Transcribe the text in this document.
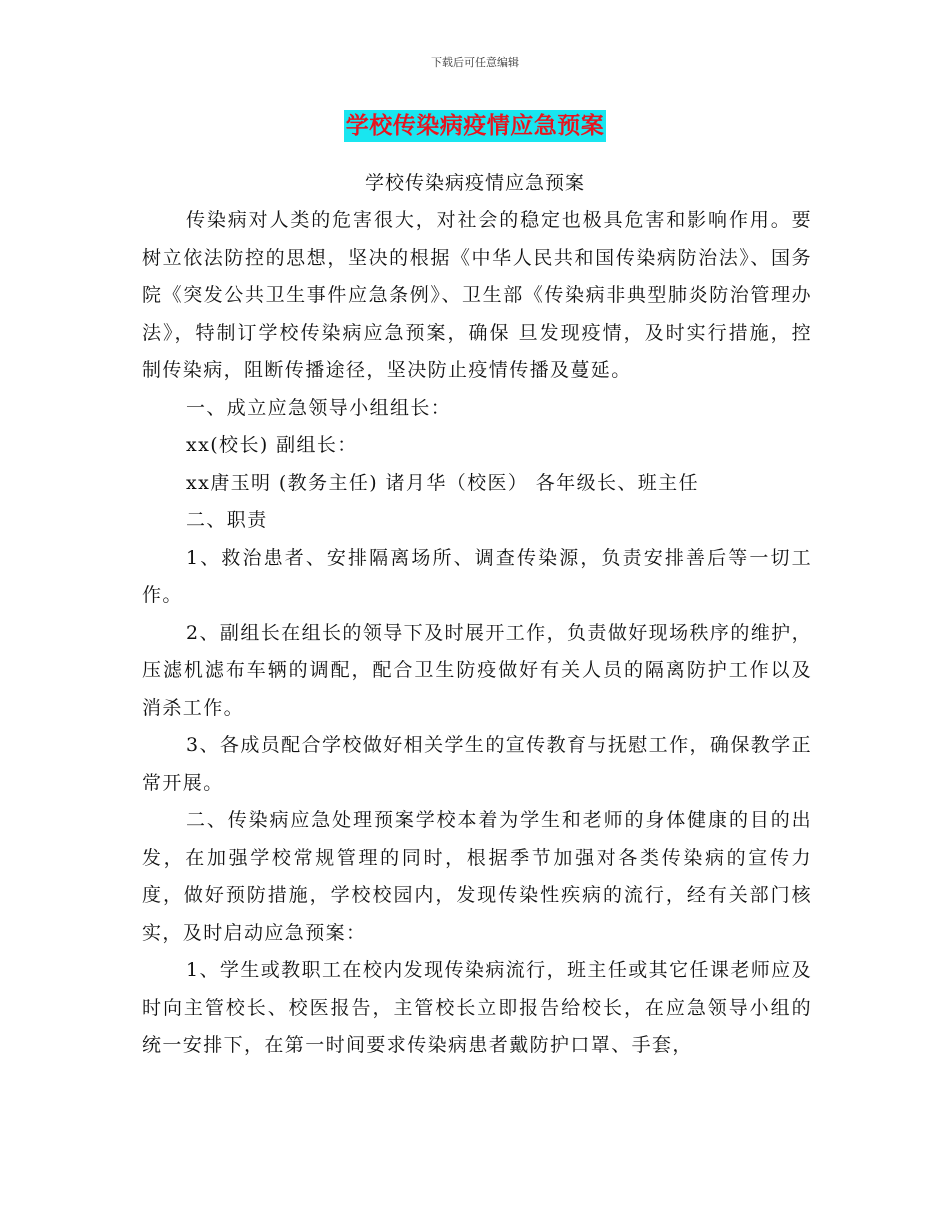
下载后可任意编辑
学校传染病疫情应急预案
学校传染病疫情应急预案

传染病对人类的危害很大，对社会的稳定也极具危害和影响作用。要树立依法防控的思想，坚决的根据《中华人民共和国传染病防治法》、国务院《突发公共卫生事件应急条例》、卫生部《传染病非典型肺炎防治管理办法》，特制订学校传染病应急预案，确保 旦发现疫情，及时实行措施，控制传染病，阻断传播途径，坚决防止疫情传播及蔓延。

一、成立应急领导小组组长：

xx(校长) 副组长：

xx唐玉明 (教务主任) 诸月华（校医） 各年级长、班主任

二、职责

1、救治患者、安排隔离场所、调查传染源，负责安排善后等一切工作。

2、副组长在组长的领导下及时展开工作，负责做好现场秩序的维护，压滤机滤布车辆的调配，配合卫生防疫做好有关人员的隔离防护工作以及消杀工作。

3、各成员配合学校做好相关学生的宣传教育与抚慰工作，确保教学正常开展。

二、传染病应急处理预案学校本着为学生和老师的身体健康的目的出发，在加强学校常规管理的同时，根据季节加强对各类传染病的宣传力度，做好预防措施，学校校园内，发现传染性疾病的流行，经有关部门核实，及时启动应急预案：

1、学生或教职工在校内发现传染病流行，班主任或其它任课老师应及时向主管校长、校医报告，主管校长立即报告给校长，在应急领导小组的统一安排下，在第一时间要求传染病患者戴防护口罩、手套，
